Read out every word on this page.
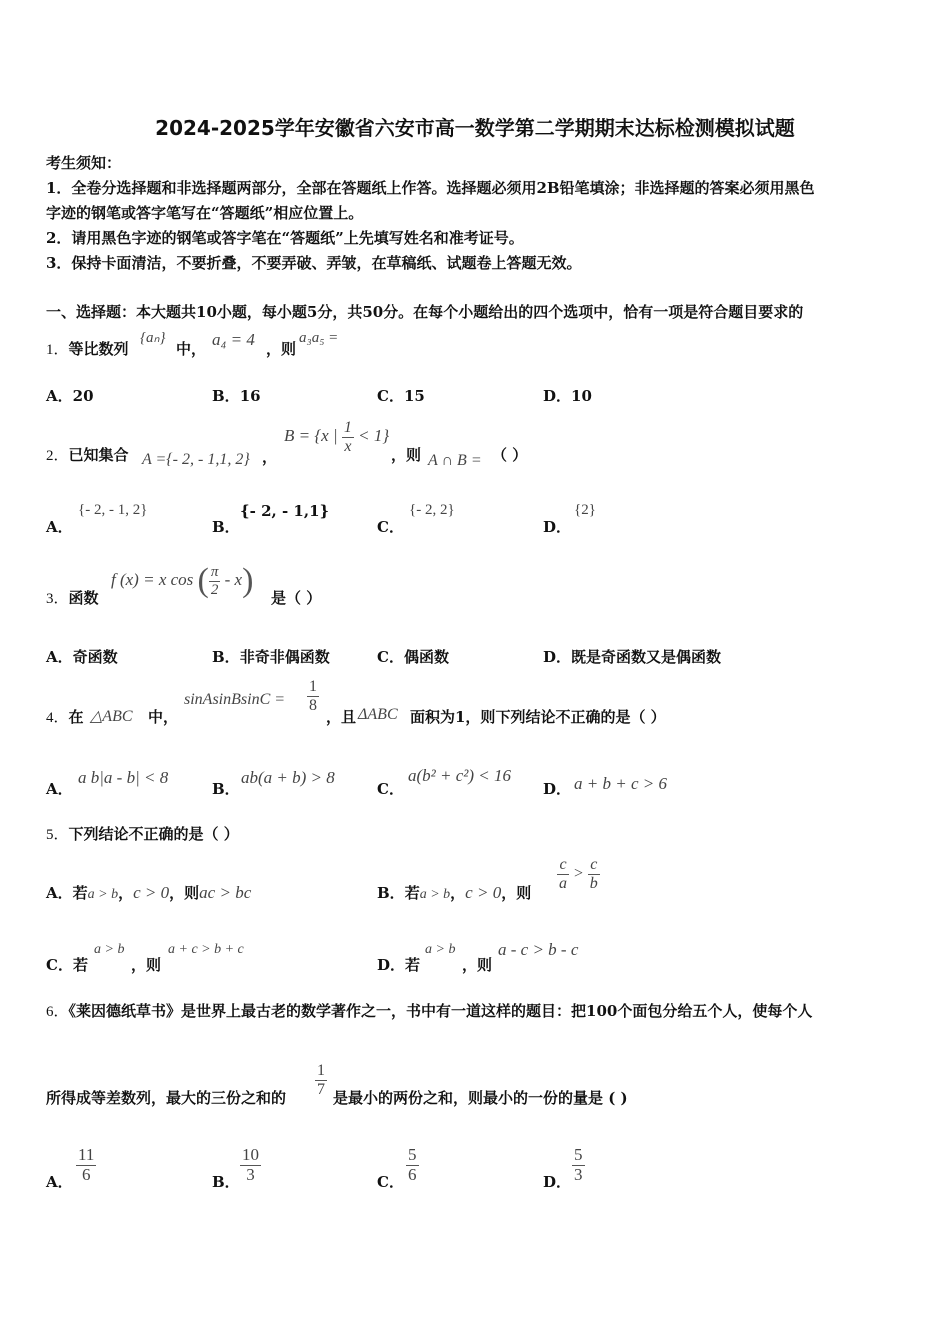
2024-2025学年安徽省六安市高一数学第二学期期末达标检测模拟试题
考生须知：
1．全卷分选择题和非选择题两部分，全部在答题纸上作答。选择题必须用2B铅笔填涂；非选择题的答案必须用黑色
字迹的钢笔或答字笔写在“答题纸”相应位置上。
2．请用黑色字迹的钢笔或答字笔在“答题纸”上先填写姓名和准考证号。
3．保持卡面清洁，不要折叠，不要弄破、弄皱，在草稿纸、试题卷上答题无效。
一、选择题：本大题共10小题，每小题5分，共50分。在每个小题给出的四个选项中，恰有一项是符合题目要求的
1．等比数列
{aₙ}
中， a₄ = 4 ，则
a₃a₅ =
A．20	B．16	C．15	D．10
2．已知集合 A ={- 2, - 1,1, 2} ，
B = {x | $\frac{1}{x} < 1$}
，则 A ∩ B = （ ）
A．
{- 2, - 1, 2}
B．
{- 2, - 1,1}
C．
{- 2, 2}
D．
{2}
3．函数
f (x) = x cos ( $\frac{\pi}{2} - x$) 是（ ）
A．奇函数	B．非奇非偶函数	C．偶函数	D．既是奇函数又是偶函数
4．在 △ABC 中，
sinAsinBsinC = $\frac{1}{8}$
，且 ΔABC 面积为1，则下列结论不正确的是（ ）
A．
a b|a - b| < 8
B．
ab(a + b) > 8
C．
a(b² + c²) < 16
D． a + b + c > 6
5．下列结论不正确的是（ ）
A．若a > b，c > 0，则ac > bc	B．若a > b，c > 0，则
$\frac{c}{a} > \frac{c}{b}$
C．若
a > b
，则
a + c > b + c
D．若
a > b
，则
a - c > b - c
6．《莱因德纸草书》是世界上最古老的数学著作之一，书中有一道这样的题目：把100个面包分给五个人，使每个人
所得成等差数列，最大的三份之和的 $\frac{1}{7}$ 是最小的两份之和，则最小的一份的量是 ( )
A． $\frac{11}{6}$	B． $\frac{10}{3}$	C． $\frac{5}{6}$	D． $\frac{5}{3}$
